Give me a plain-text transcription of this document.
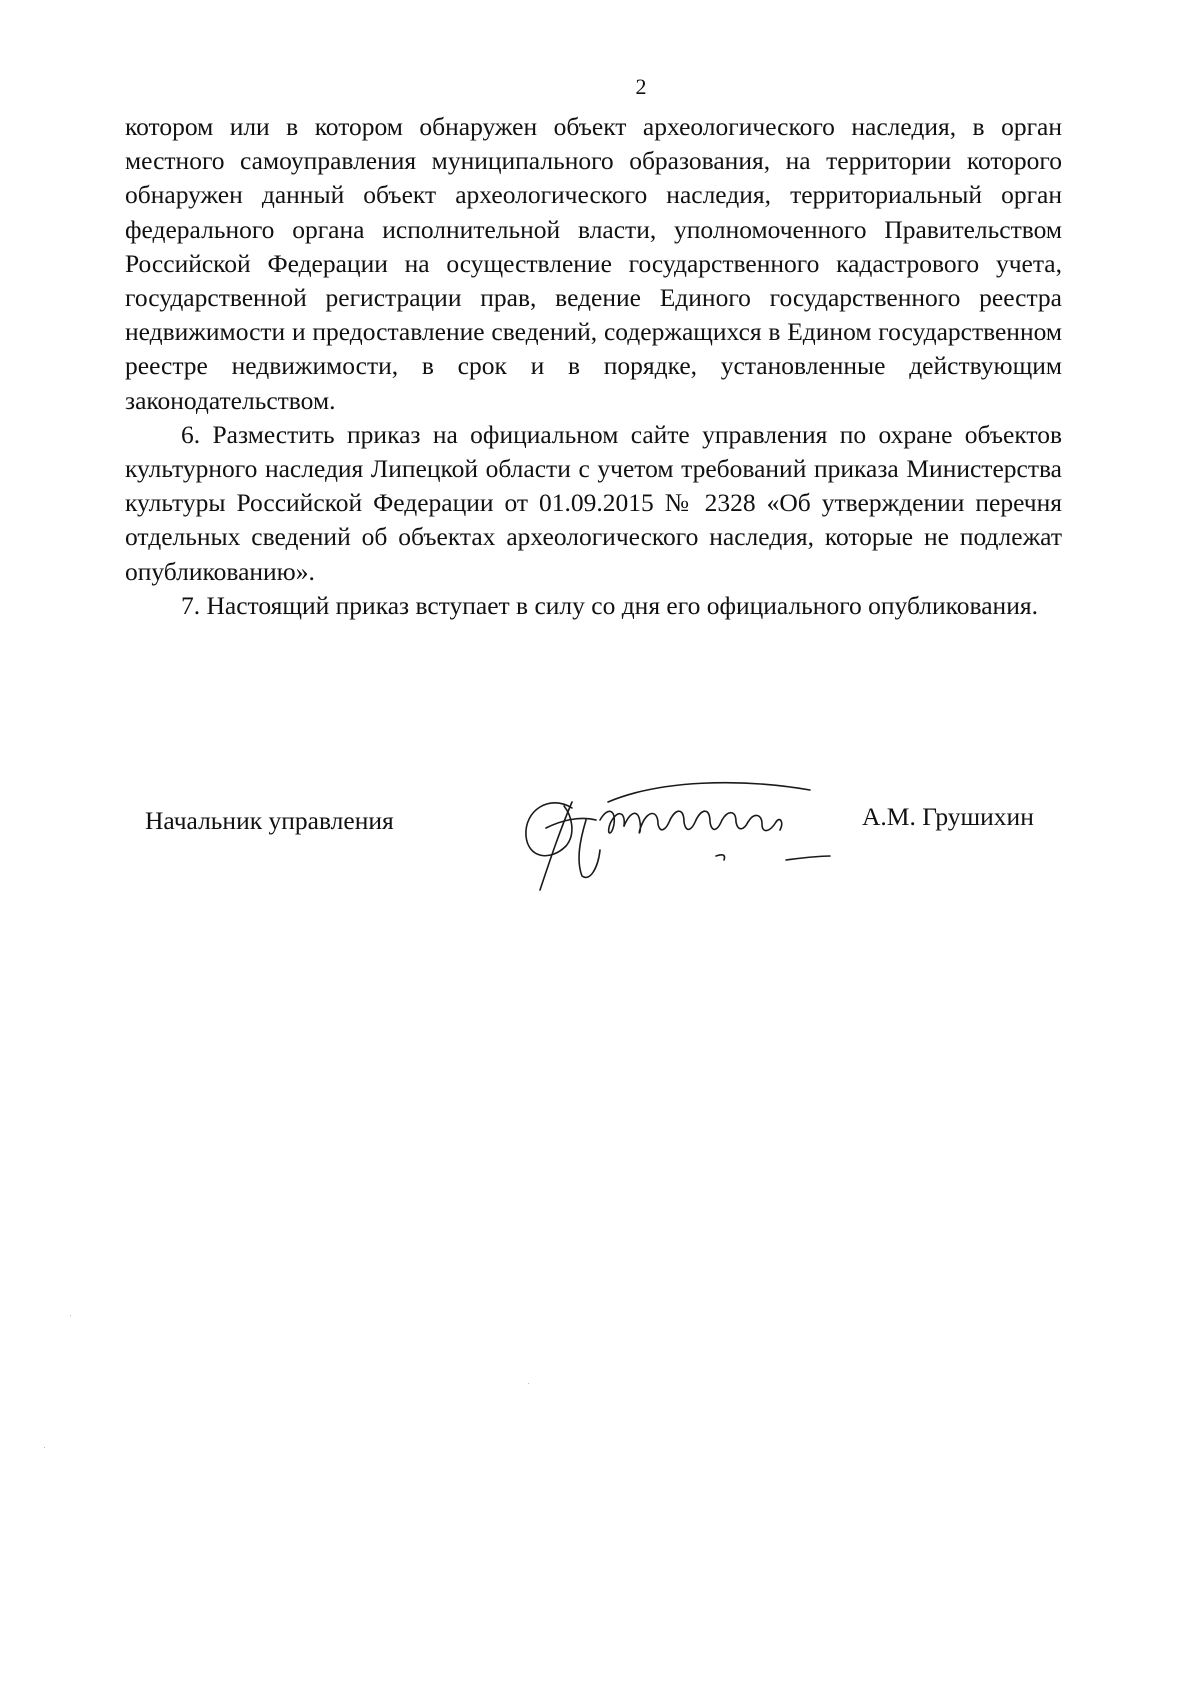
2

котором или в котором обнаружен объект археологического наследия, в орган местного самоуправления муниципального образования, на территории которого обнаружен данный объект археологического наследия, территориальный орган федерального органа исполнительной власти, уполномоченного Правительством Российской Федерации на осуществление государственного кадастрового учета, государственной регистрации прав, ведение Единого государственного реестра недвижимости и предоставление сведений, содержащихся в Едином государственном реестре недвижимости, в срок и в порядке, установленные действующим законодательством.

6. Разместить приказ на официальном сайте управления по охране объектов культурного наследия Липецкой области с учетом требований приказа Министерства культуры Российской Федерации от 01.09.2015 № 2328 «Об утверждении перечня отдельных сведений об объектах археологического наследия, которые не подлежат опубликованию».

7. Настоящий приказ вступает в силу со дня его официального опубликования.

Начальник управления	А.М. Грушихин
